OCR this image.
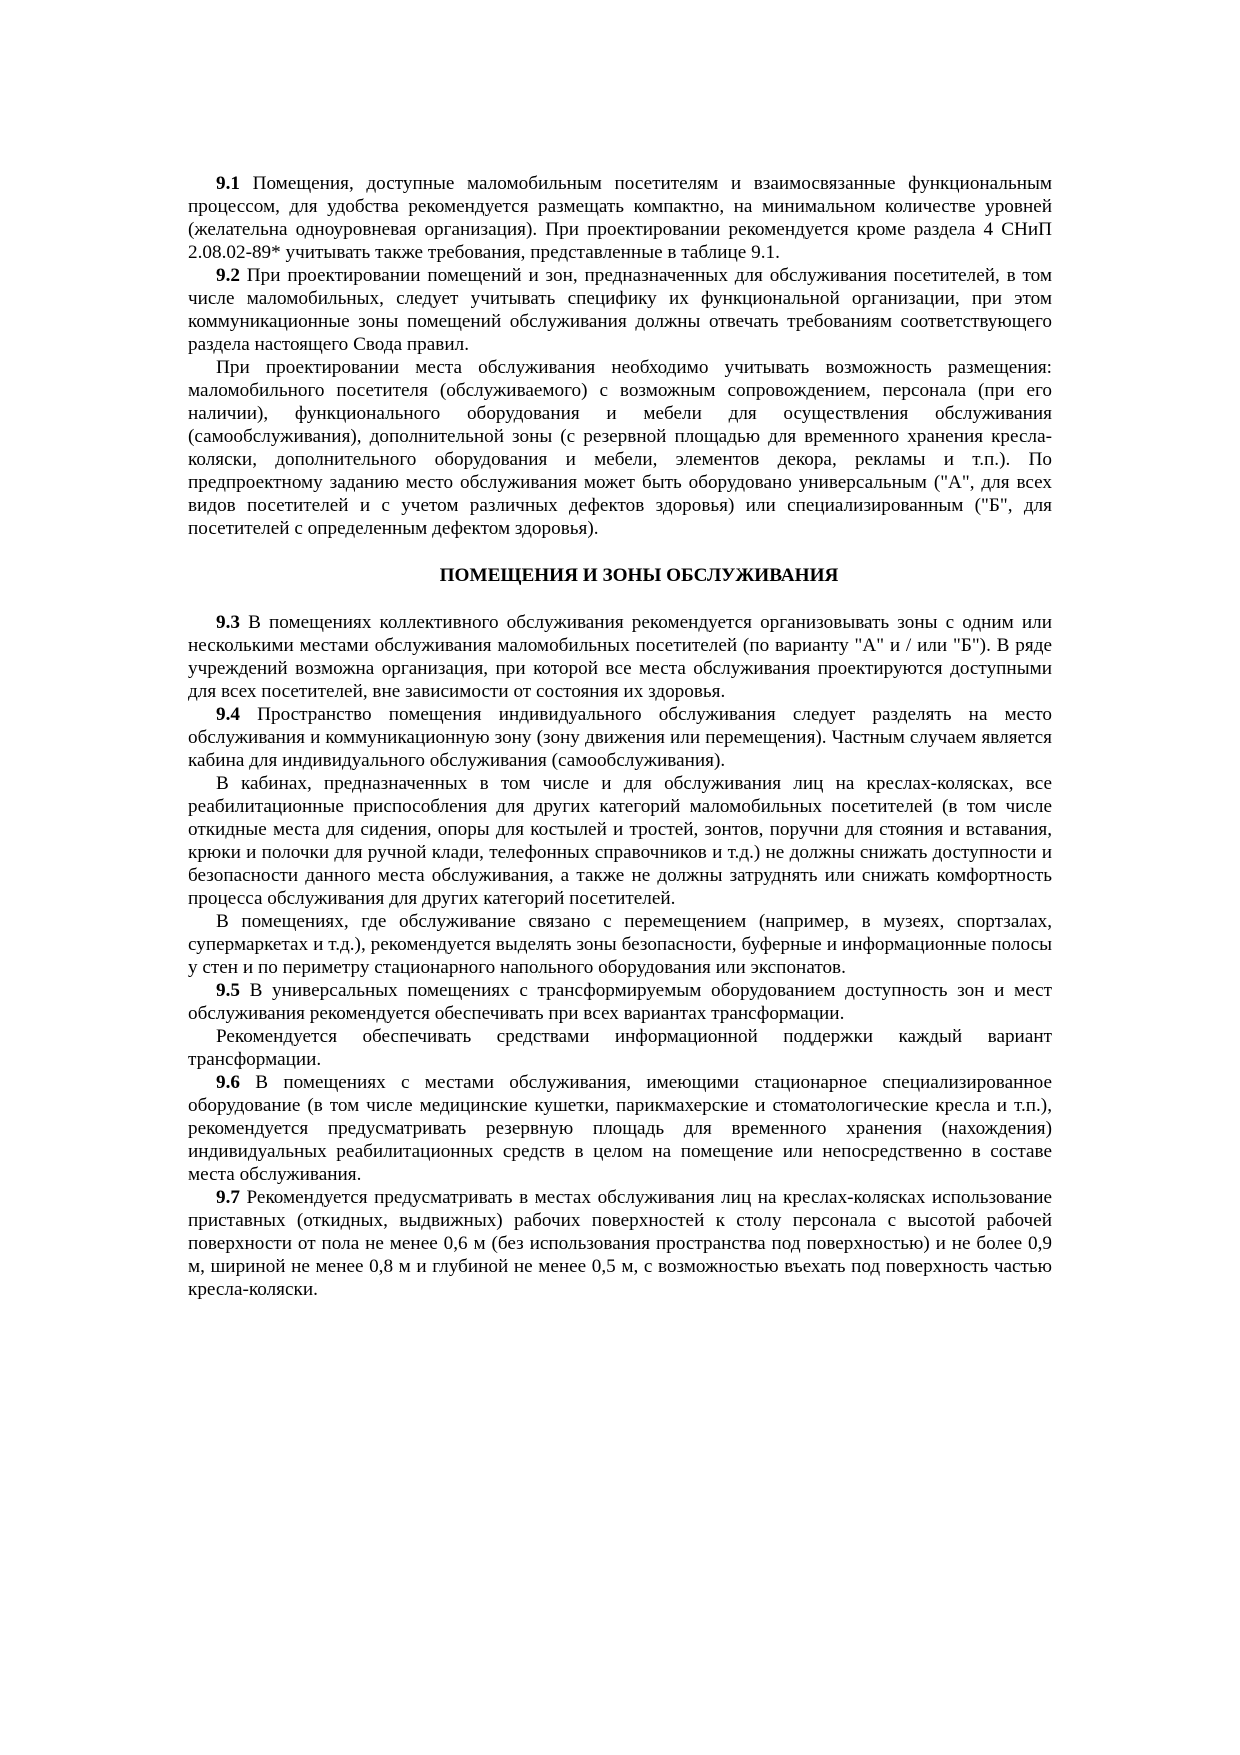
9.1 Помещения, доступные маломобильным посетителям и взаимосвязанные функциональным процессом, для удобства рекомендуется размещать компактно, на минимальном количестве уровней (желательна одноуровневая организация). При проектировании рекомендуется кроме раздела 4 СНиП 2.08.02-89* учитывать также требования, представленные в таблице 9.1.

9.2 При проектировании помещений и зон, предназначенных для обслуживания посетителей, в том числе маломобильных, следует учитывать специфику их функциональной организации, при этом коммуникационные зоны помещений обслуживания должны отвечать требованиям соответствующего раздела настоящего Свода правил.

При проектировании места обслуживания необходимо учитывать возможность размещения: маломобильного посетителя (обслуживаемого) с возможным сопровождением, персонала (при его наличии), функционального оборудования и мебели для осуществления обслуживания (самообслуживания), дополнительной зоны (с резервной площадью для временного хранения кресла-коляски, дополнительного оборудования и мебели, элементов декора, рекламы и т.п.). По предпроектному заданию место обслуживания может быть оборудовано универсальным ("А", для всех видов посетителей и с учетом различных дефектов здоровья) или специализированным ("Б", для посетителей с определенным дефектом здоровья).

ПОМЕЩЕНИЯ И ЗОНЫ ОБСЛУЖИВАНИЯ

9.3 В помещениях коллективного обслуживания рекомендуется организовывать зоны с одним или несколькими местами обслуживания маломобильных посетителей (по варианту "А" и / или "Б"). В ряде учреждений возможна организация, при которой все места обслуживания проектируются доступными для всех посетителей, вне зависимости от состояния их здоровья.

9.4 Пространство помещения индивидуального обслуживания следует разделять на место обслуживания и коммуникационную зону (зону движения или перемещения). Частным случаем является кабина для индивидуального обслуживания (самообслуживания).

В кабинах, предназначенных в том числе и для обслуживания лиц на креслах-колясках, все реабилитационные приспособления для других категорий маломобильных посетителей (в том числе откидные места для сидения, опоры для костылей и тростей, зонтов, поручни для стояния и вставания, крюки и полочки для ручной клади, телефонных справочников и т.д.) не должны снижать доступности и безопасности данного места обслуживания, а также не должны затруднять или снижать комфортность процесса обслуживания для других категорий посетителей.

В помещениях, где обслуживание связано с перемещением (например, в музеях, спортзалах, супермаркетах и т.д.), рекомендуется выделять зоны безопасности, буферные и информационные полосы у стен и по периметру стационарного напольного оборудования или экспонатов.

9.5 В универсальных помещениях с трансформируемым оборудованием доступность зон и мест обслуживания рекомендуется обеспечивать при всех вариантах трансформации.

Рекомендуется обеспечивать средствами информационной поддержки каждый вариант трансформации.

9.6 В помещениях с местами обслуживания, имеющими стационарное специализированное оборудование (в том числе медицинские кушетки, парикмахерские и стоматологические кресла и т.п.), рекомендуется предусматривать резервную площадь для временного хранения (нахождения) индивидуальных реабилитационных средств в целом на помещение или непосредственно в составе места обслуживания.

9.7 Рекомендуется предусматривать в местах обслуживания лиц на креслах-колясках использование приставных (откидных, выдвижных) рабочих поверхностей к столу персонала с высотой рабочей поверхности от пола не менее 0,6 м (без использования пространства под поверхностью) и не более 0,9 м, шириной не менее 0,8 м и глубиной не менее 0,5 м, с возможностью въехать под поверхность частью кресла-коляски.
